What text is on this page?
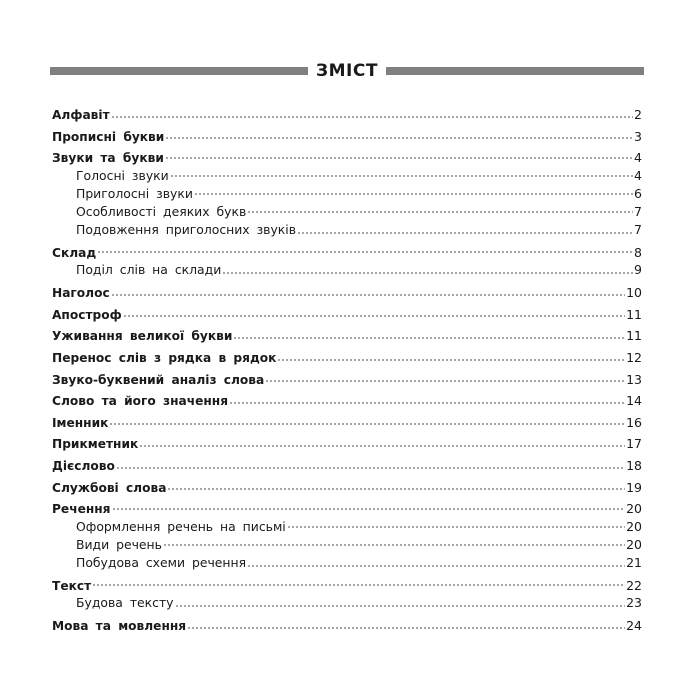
ЗМІСТ
Алфавіт	2
Прописні букви	3
Звуки та букви	4
Голосні звуки	4
Приголосні звуки	6
Особливості деяких букв	7
Подовження приголосних звуків	7
Склад	8
Поділ слів на склади	9
Наголос	10
Апостроф	11
Уживання великої букви	11
Перенос слів з рядка в рядок	12
Звуко-буквений аналіз слова	13
Слово та його значення	14
Іменник	16
Прикметник	17
Дієслово	18
Службові слова	19
Речення	20
Оформлення речень на письмі	20
Види речень	20
Побудова схеми речення	21
Текст	22
Будова тексту	23
Мова та мовлення	24
